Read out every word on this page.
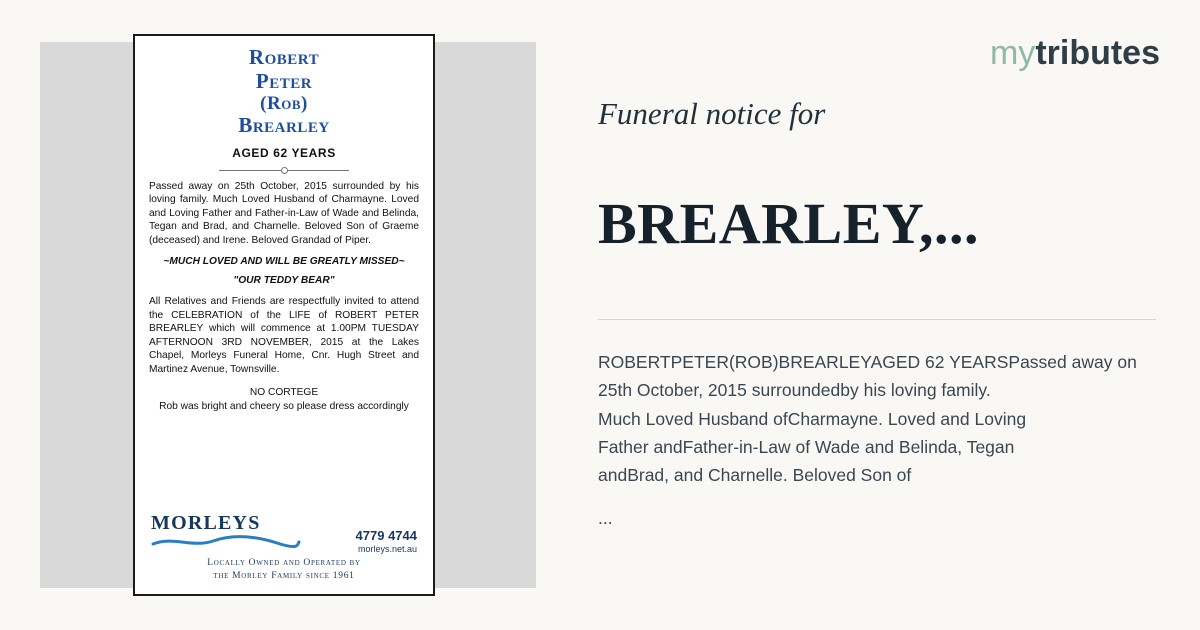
Robert
Peter
(Rob)
Brearley
AGED 62 YEARS
Passed away on 25th October, 2015 surrounded by his loving family. Much Loved Husband of Charmayne. Loved and Loving Father and Father-in-Law of Wade and Belinda, Tegan and Brad, and Charnelle. Beloved Son of Graeme (deceased) and Irene. Beloved Grandad of Piper.
~MUCH LOVED AND WILL BE GREATLY MISSED~
"OUR TEDDY BEAR"
All Relatives and Friends are respectfully invited to attend the CELEBRATION of the LIFE of ROBERT PETER BREARLEY which will commence at 1.00PM TUESDAY AFTERNOON 3RD NOVEMBER, 2015 at the Lakes Chapel, Morleys Funeral Home, Cnr. Hugh Street and Martinez Avenue, Townsville.
NO CORTEGE
Rob was bright and cheery so please dress accordingly
MORLEYS
4779 4744
morleys.net.au
Locally Owned and Operated by
the Morley Family since 1961
mytributes
Funeral notice for
BREARLEY,...

ROBERTPETER(ROB)BREARLEYAGED 62 YEARSPassed away on

25th October, 2015 surroundedby his loving family.

Much Loved Husband ofCharmayne. Loved and Loving

Father andFather-in-Law of Wade and Belinda, Tegan

andBrad, and Charnelle. Beloved Son of

...
